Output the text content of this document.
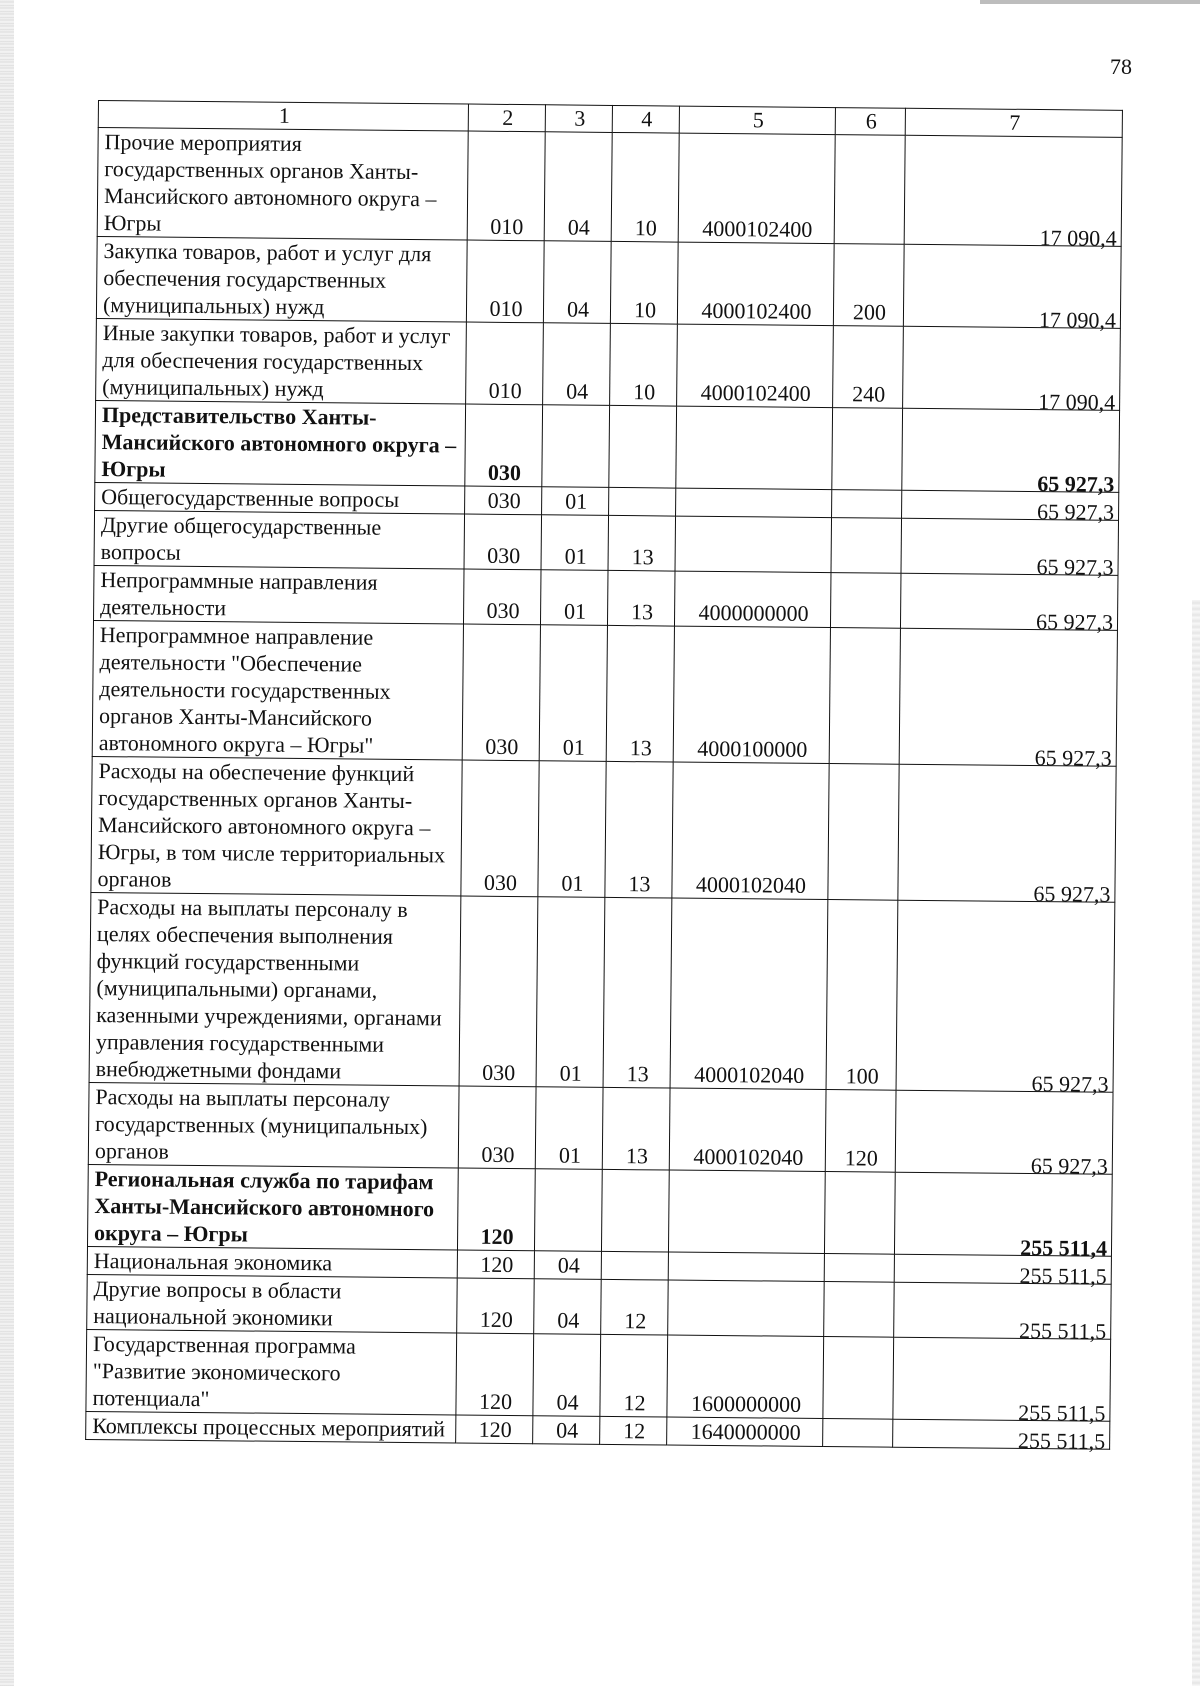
78
1	2	3	4	5	6	7
Прочие мероприятия государственных органов Ханты-Мансийского автономного округа – Югры	010	04	10	4000102400		17 090,4
Закупка товаров, работ и услуг для обеспечения государственных (муниципальных) нужд	010	04	10	4000102400	200	17 090,4
Иные закупки товаров, работ и услуг для обеспечения государственных (муниципальных) нужд	010	04	10	4000102400	240	17 090,4
Представительство Ханты-Мансийского автономного округа – Югры	030					65 927,3
Общегосударственные вопросы	030	01				65 927,3
Другие общегосударственные вопросы	030	01	13			65 927,3
Непрограммные направления деятельности	030	01	13	4000000000		65 927,3
Непрограммное направление деятельности "Обеспечение деятельности государственных органов Ханты-Мансийского автономного округа – Югры"	030	01	13	4000100000		65 927,3
Расходы на обеспечение функций государственных органов Ханты-Мансийского автономного округа – Югры, в том числе территориальных органов	030	01	13	4000102040		65 927,3
Расходы на выплаты персоналу в целях обеспечения выполнения функций государственными (муниципальными) органами, казенными учреждениями, органами управления государственными внебюджетными фондами	030	01	13	4000102040	100	65 927,3
Расходы на выплаты персоналу государственных (муниципальных) органов	030	01	13	4000102040	120	65 927,3
Региональная служба по тарифам Ханты-Мансийского автономного округа – Югры	120					255 511,4
Национальная экономика	120	04				255 511,5
Другие вопросы в области национальной экономики	120	04	12			255 511,5
Государственная программа "Развитие экономического потенциала"	120	04	12	1600000000		255 511,5
Комплексы процессных мероприятий	120	04	12	1640000000		255 511,5
